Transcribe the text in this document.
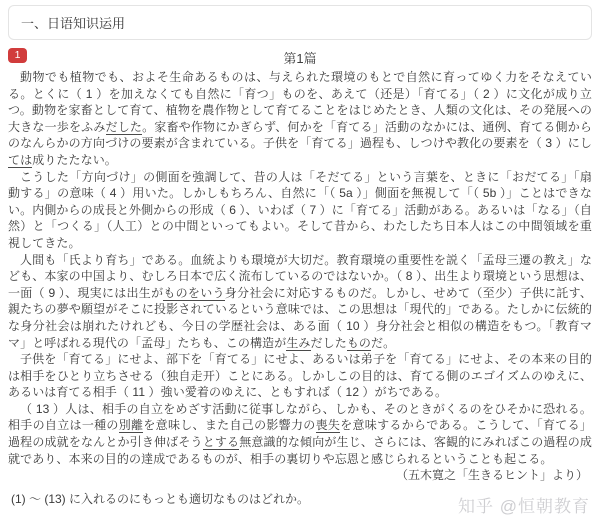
一、日语知识运用
1	第1篇

動物でも植物でも、およそ生命あるものは、与えられた環境のもとで自然に育ってゆく力をそなえている。とくに（ 1 ）を加えなくても自然に「育つ」ものを、あえて（还是）「育てる」（ 2 ）に文化が成り立つ。動物を家畜として育て、植物を農作物として育てることをはじめたとき、人類の文化は、その発展への大きな一歩をふみだした。家畜や作物にかぎらず、何かを「育てる」活動のなかには、通例、育てる側からのなんらかの方向づけの要素が含まれている。子供を「育てる」過程も、しつけや教化の要素を（ 3 ）にしては成りたたない。

こうした「方向づけ」の側面を強調して、昔の人は「そだてる」という言葉を、ときに「おだてる」「扇動する」の意味（ 4 ）用いた。しかしもちろん、自然に「（ 5a ）」側面を無視して「（ 5b ）」ことはできない。内側からの成長と外側からの形成（ 6 ）、いわば（ 7 ）に「育てる」活動がある。あるいは「なる」（自然）と「つくる」（人工）との中間といってもよい。そして昔から、わたしたち日本人はこの中間領域を重視してきた。

人間も「氏より育ち」である。血統よりも環境が大切だ。教育環境の重要性を説く「孟母三遷の教え」なども、本家の中国より、むしろ日本で広く流布しているのではないか。（ 8 ）、出生より環境という思想は、一面（ 9 ）、現実には出生がものをいう身分社会に対応するものだ。しかし、せめて（至少）子供に託す、親たちの夢や願望がそこに投影されているという意味では、この思想は「現代的」である。たしかに伝統的な身分社会は崩れたけれども、今日の学歴社会は、ある面（ 10 ）身分社会と相似の構造をもつ。「教育ママ」と呼ばれる現代の「孟母」たちも、この構造が生みだしたものだ。

子供を「育てる」にせよ、部下を「育てる」にせよ、あるいは弟子を「育てる」にせよ、その本来の目的は相手をひとり立ちさせる（独自走开）ことにある。しかしこの目的は、育てる側のエゴイズムのゆえに、あるいは育てる相手（ 11 ）強い愛着のゆえに、ともすれば（ 12 ）がちである。

（ 13 ）人は、相手の自立をめざす活動に従事しながら、しかも、そのときがくるのをひそかに恐れる。相手の自立は一種の別離を意味し、また自己の影響力の喪失を意味するからである。こうして、「育てる」過程の成就をなんとか引き伸ばそうとする無意識的な傾向が生じ、さらには、客観的にみればこの過程の成就であり、本来の目的の達成であるものが、相手の裏切りや忘恩と感じられるということも起こる。

（五木寛之「生きるヒント」より）
(1) ～ (13) に入れるのにもっとも適切なものはどれか。	知乎 @恒朝教育
